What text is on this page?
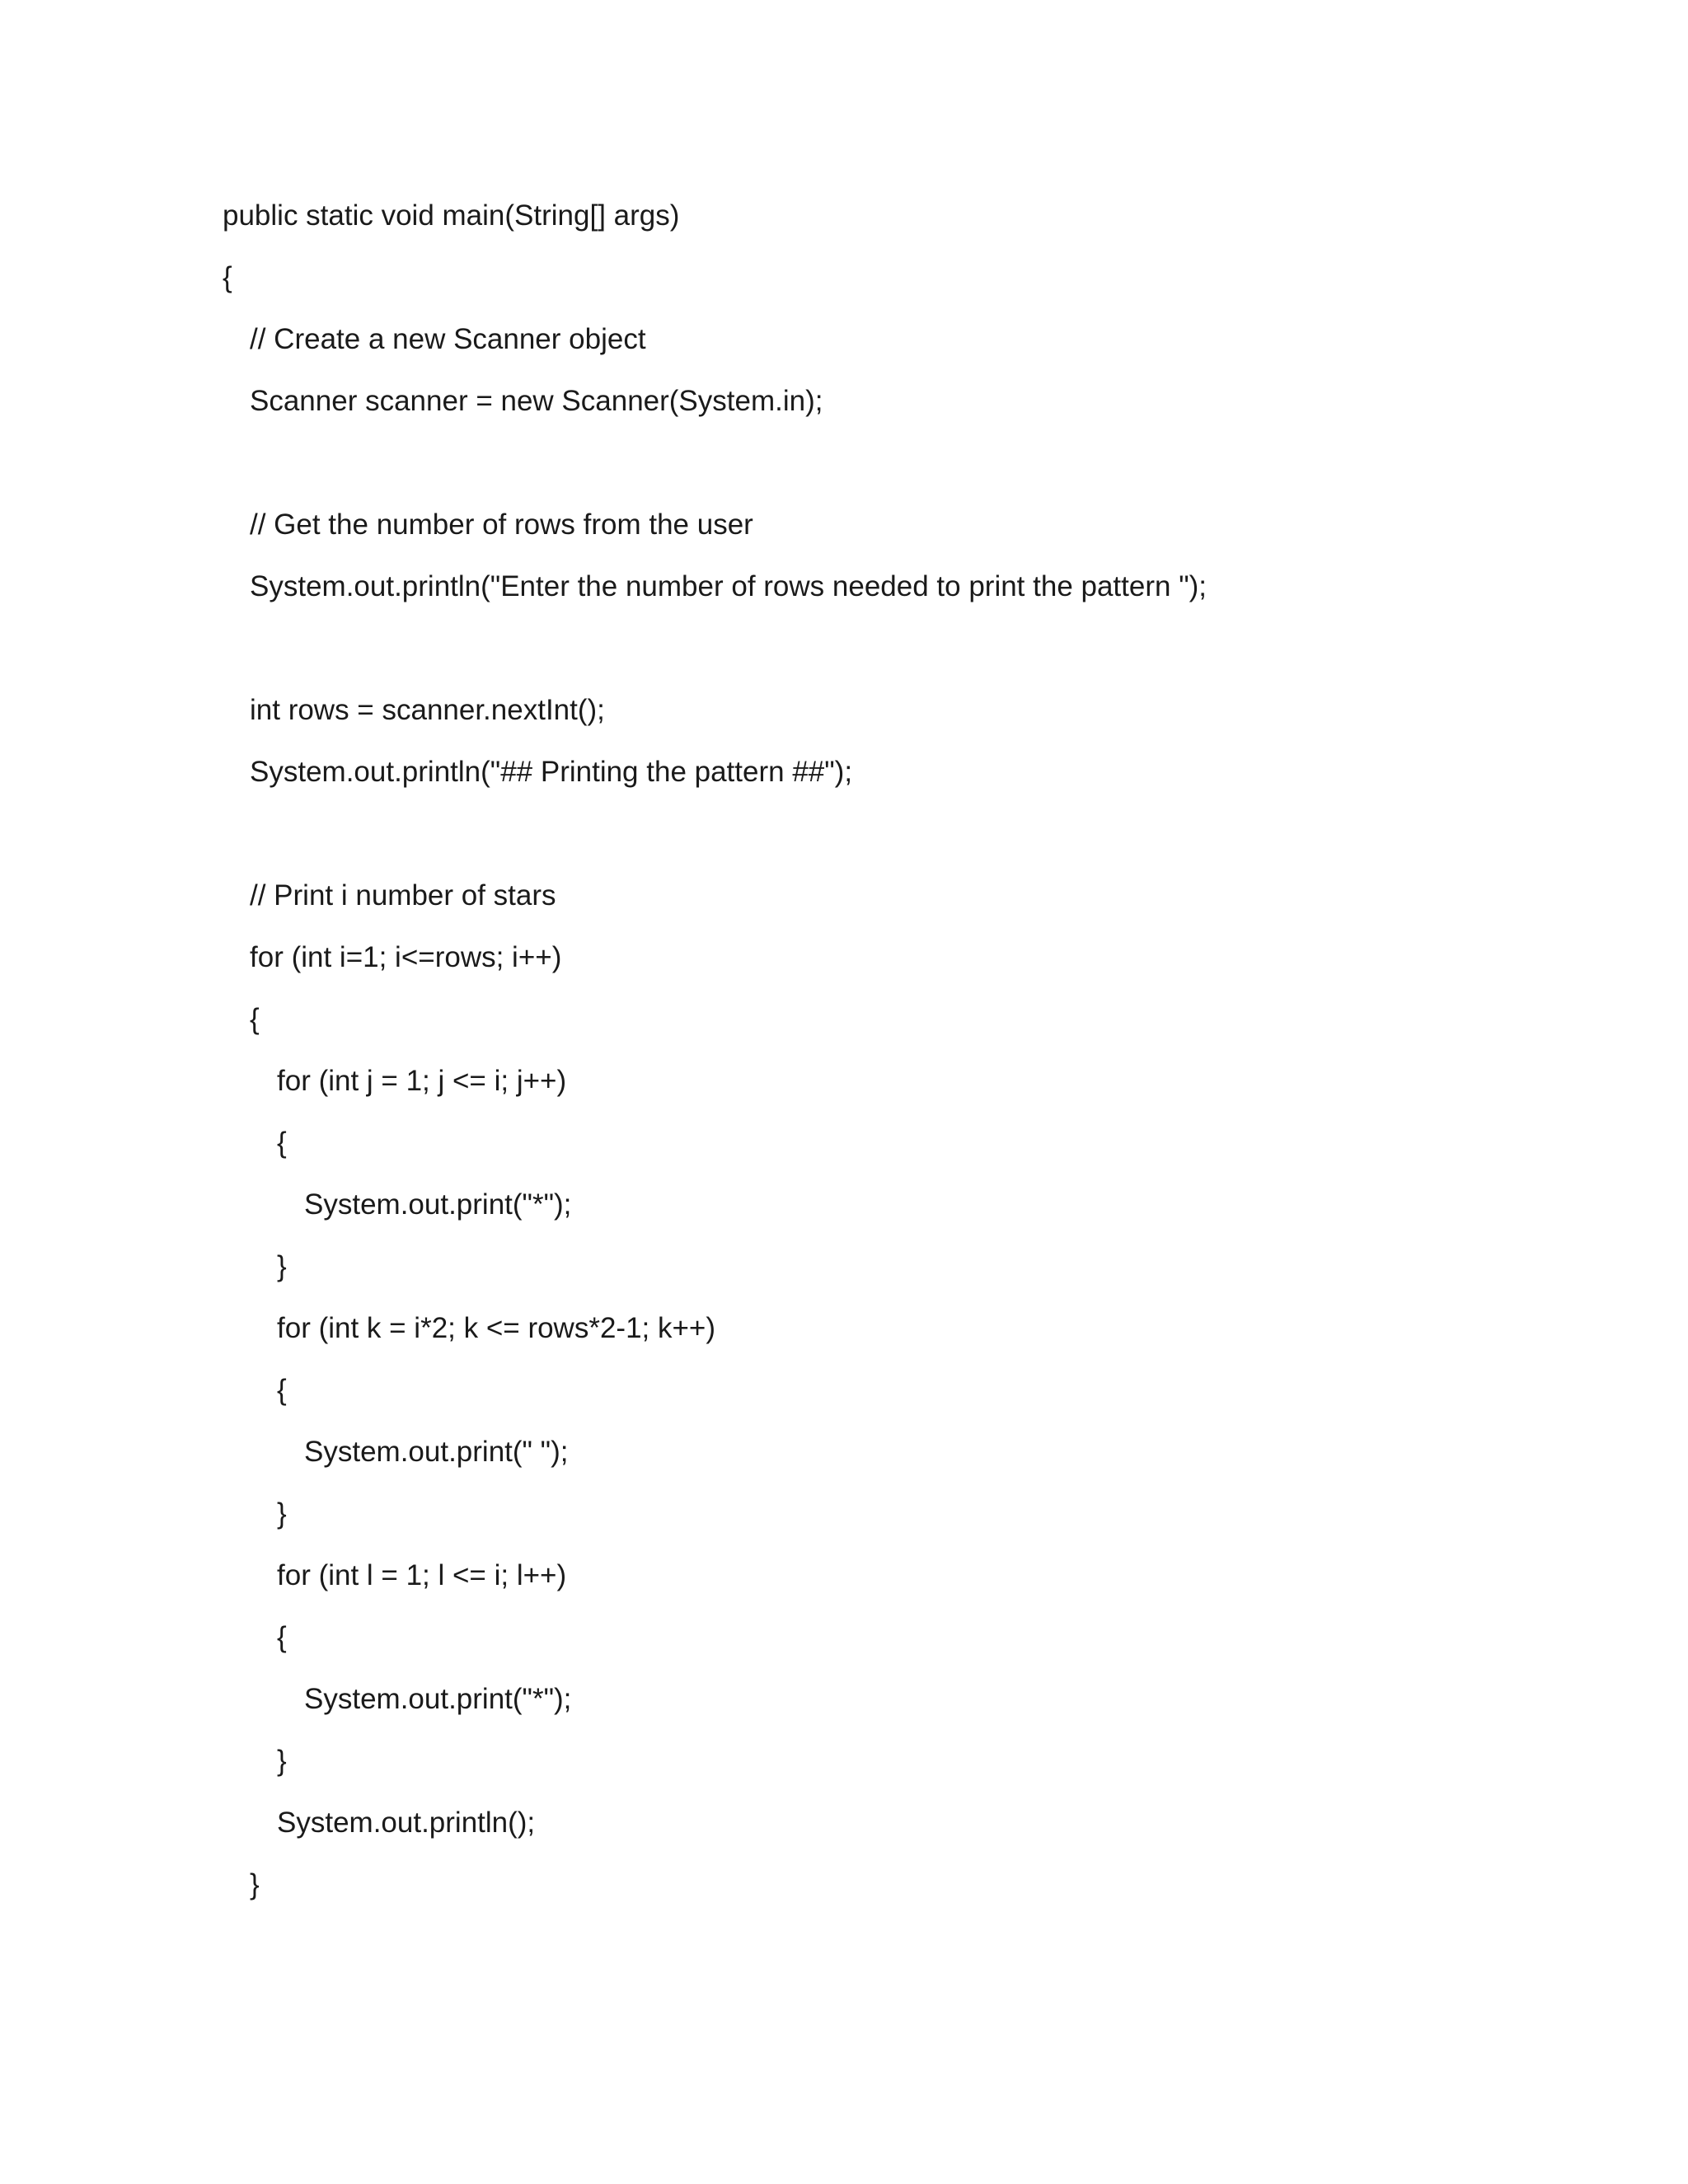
public static void main(String[] args)
{
// Create a new Scanner object
Scanner scanner = new Scanner(System.in);
// Get the number of rows from the user
System.out.println("Enter the number of rows needed to print the pattern ");
int rows = scanner.nextInt();
System.out.println("## Printing the pattern ##");
// Print i number of stars
for (int i=1; i<=rows; i++)
{
for (int j = 1; j <= i; j++)
{
System.out.print("*");
}
for (int k = i*2; k <= rows*2-1; k++)
{
System.out.print(" ");
}
for (int l = 1; l <= i; l++)
{
System.out.print("*");
}
System.out.println();
}
